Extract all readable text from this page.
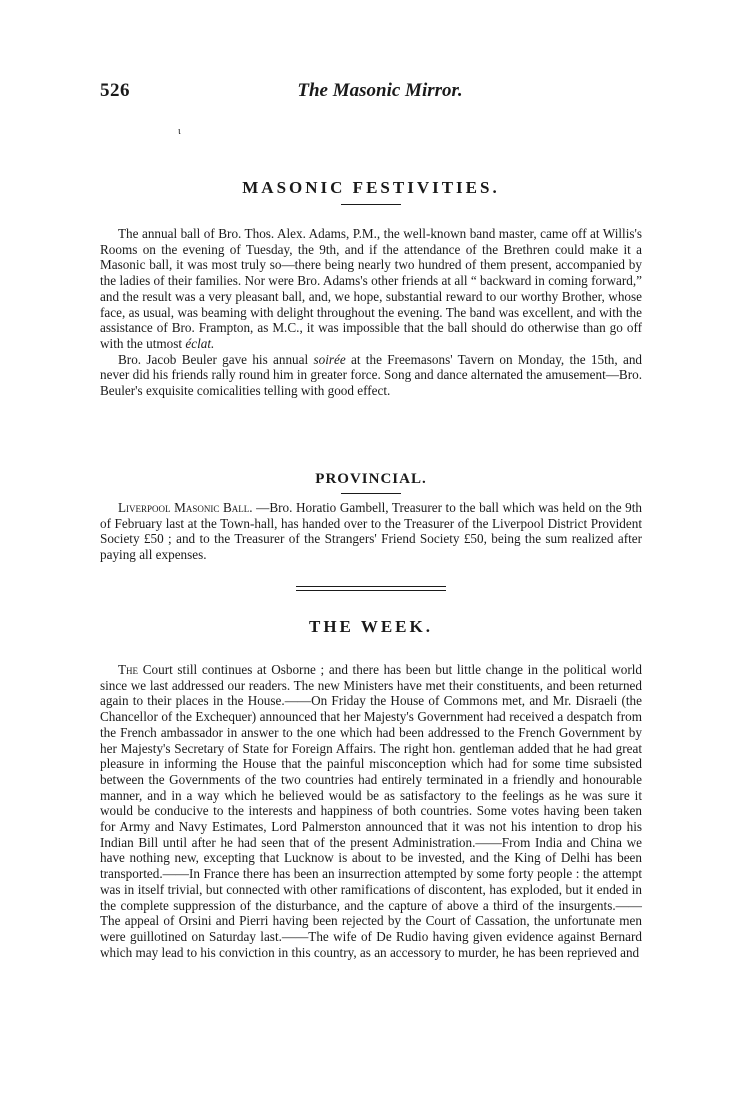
526	The Masonic Mirror.
ι
MASONIC FESTIVITIES.

The annual ball of Bro. Thos. Alex. Adams, P.M., the well-known band master, came off at Willis's Rooms on the evening of Tuesday, the 9th, and if the attendance of the Brethren could make it a Masonic ball, it was most truly so—there being nearly two hundred of them present, accompanied by the ladies of their families. Nor were Bro. Adams's other friends at all “ backward in coming forward,” and the result was a very pleasant ball, and, we hope, substantial reward to our worthy Brother, whose face, as usual, was beaming with delight throughout the evening. The band was excellent, and with the assistance of Bro. Frampton, as M.C., it was impossible that the ball should do otherwise than go off with the utmost éclat.

Bro. Jacob Beuler gave his annual soirée at the Freemasons' Tavern on Monday, the 15th, and never did his friends rally round him in greater force. Song and dance alternated the amusement—Bro. Beuler's exquisite comicalities telling with good effect.

PROVINCIAL.

Liverpool Masonic Ball. —Bro. Horatio Gambell, Treasurer to the ball which was held on the 9th of February last at the Town-hall, has handed over to the Treasurer of the Liverpool District Provident Society £50 ; and to the Treasurer of the Strangers' Friend Society £50, being the sum realized after paying all expenses.

THE WEEK.

The Court still continues at Osborne ; and there has been but little change in the political world since we last addressed our readers. The new Ministers have met their constituents, and been returned again to their places in the House.——On Friday the House of Commons met, and Mr. Disraeli (the Chancellor of the Exchequer) announced that her Majesty's Government had received a despatch from the French ambassador in answer to the one which had been addressed to the French Government by her Majesty's Secretary of State for Foreign Affairs. The right hon. gentleman added that he had great pleasure in informing the House that the painful misconception which had for some time subsisted between the Governments of the two countries had entirely terminated in a friendly and honourable manner, and in a way which he believed would be as satisfactory to the feelings as he was sure it would be conducive to the interests and happiness of both countries. Some votes having been taken for Army and Navy Estimates, Lord Palmerston announced that it was not his intention to drop his Indian Bill until after he had seen that of the present Administration.——From India and China we have nothing new, excepting that Lucknow is about to be invested, and the King of Delhi has been transported.——In France there has been an insurrection attempted by some forty people : the attempt was in itself trivial, but connected with other ramifications of discontent, has exploded, but it ended in the complete suppression of the disturbance, and the capture of above a third of the insurgents.——The appeal of Orsini and Pierri having been rejected by the Court of Cassation, the unfortunate men were guillotined on Saturday last.——The wife of De Rudio having given evidence against Bernard which may lead to his conviction in this country, as an accessory to murder, he has been reprieved and
